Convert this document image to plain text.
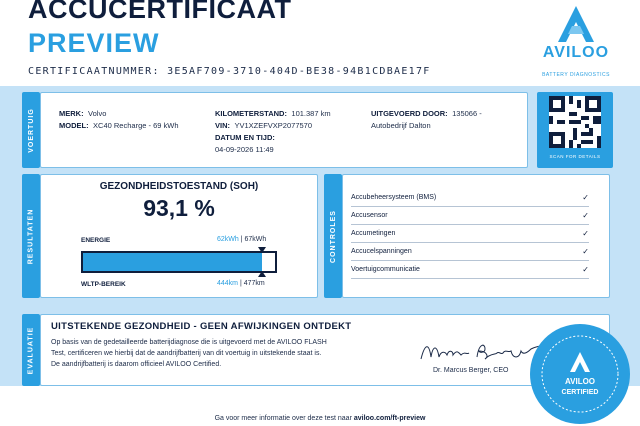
ACCUCERTIFICAAT
PREVIEW
CERTIFICAATNUMMER: 3E5AF709-3710-404D-BE38-94B1CDBAE17F
AVILOO
BATTERY DIAGNOSTICS
VOERTUIG	MERK: Volvo
MODEL: XC40 Recharge - 69 kWh
KILOMETERSTAND: 101.387 km
VIN: YV1XZEFVXP2077570
DATUM EN TIJD:
04-09-2026 11:49
UITGEVOERD DOOR: 135066 -
Autobedrijf Dalton
SCAN FOR DETAILS
RESULTATEN
GEZONDHEIDSTOESTAND (SOH)
93,1 %
ENERGIE	62kWh | 67kWh
WLTP-BEREIK	444km | 477km
CONTROLES
Accubeheersysteem (BMS)	✓
Accusensor	✓
Accumetingen	✓
Accucelspanningen	✓
Voertuigcommunicatie	✓
EVALUATIE UITSTEKENDE GEZONDHEID - GEEN AFWIJKINGEN ONTDEKT
Op basis van de gedetailleerde batterijdiagnose die is uitgevoerd met de AVILOO FLASH
Test, certificeren we hierbij dat de aandrijfbatterij van dit voertuig in uitstekende staat is.
De aandrijfbatterij is daarom officieel AVILOO Certified.
Dr. Marcus Berger, CEO
AVILOO
CERTIFIED
Ga voor meer informatie over deze test naar aviloo.com/ft-preview
